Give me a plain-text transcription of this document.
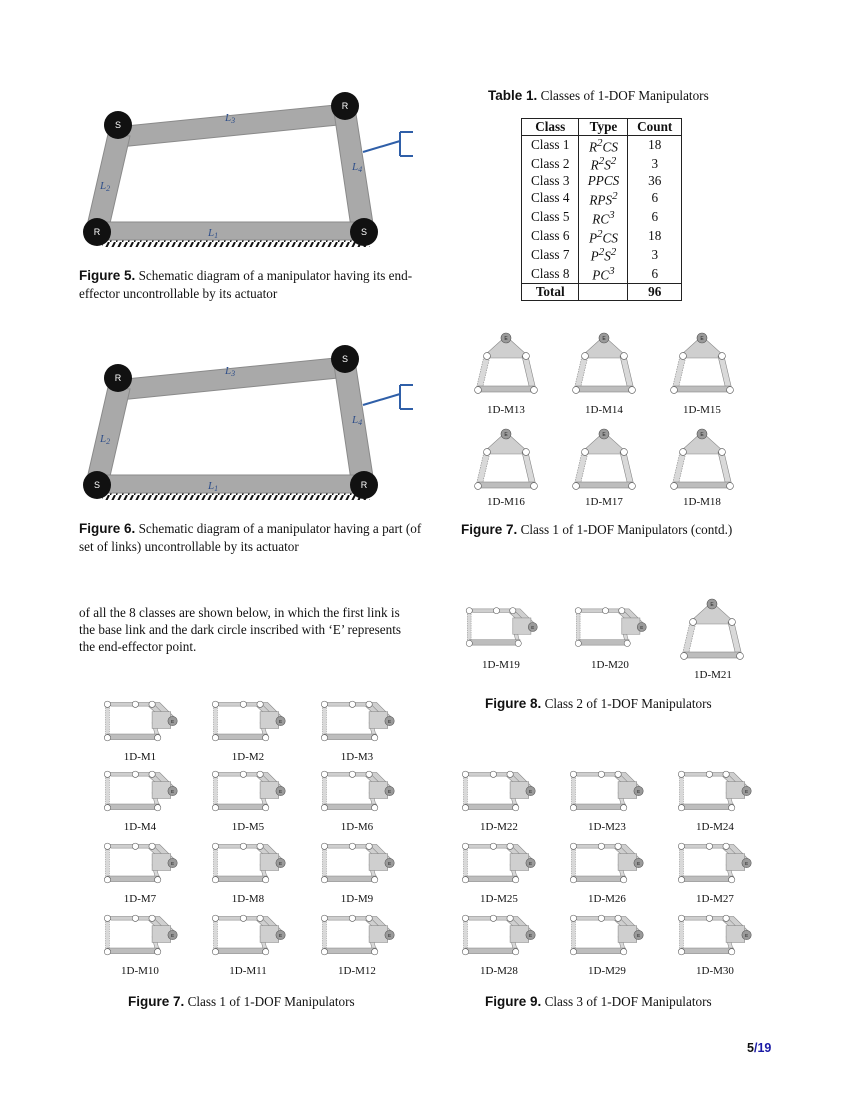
L3
L2
L4
L1
S
R
R	S
Figure 5. Schematic diagram of a manipulator having its end-effector uncontrollable by its actuator
L3
L2
L4
L1
R
S
S	R
Figure 6. Schematic diagram of a manipulator having a part (of set of links) uncontrollable by its actuator
Table 1. Classes of 1-DOF Manipulators
Class	Type	Count
Class 1	$R^2CS$	18
Class 2	$R^2S^2$	3
Class 3	PPCS	36
Class 4	RPS$^2$	6
Class 5	$RC^3$	6
Class 6	$P^2CS$	18
Class 7	$P^2S^2$	3
Class 8	$PC^3$	6
Total		96
of all the 8 classes are shown below, in which the first link is the base link and the dark circle inscribed with ‘E’ represents the end-effector point.
E
1D-M13
E
1D-M14
E
1D-M15
E
1D-M16
E
1D-M17
E
1D-M18
E
1D-M19
E
1D-M20
E
1D-M21
E
1D-M1
E
1D-M2
E
1D-M3
E
1D-M4
E
1D-M5
E
1D-M6
E
1D-M7
E
1D-M8
E
1D-M9
E
1D-M10
E
1D-M11
E
1D-M12
E
1D-M22
E
1D-M23
E
1D-M24
E
1D-M25
E
1D-M26
E
1D-M27
E
1D-M28
E
1D-M29
E
1D-M30
Figure 7. Class 1 of 1-DOF Manipulators (contd.)
Figure 8. Class 2 of 1-DOF Manipulators
Figure 7. Class 1 of 1-DOF Manipulators	Figure 9. Class 3 of 1-DOF Manipulators
5/19
